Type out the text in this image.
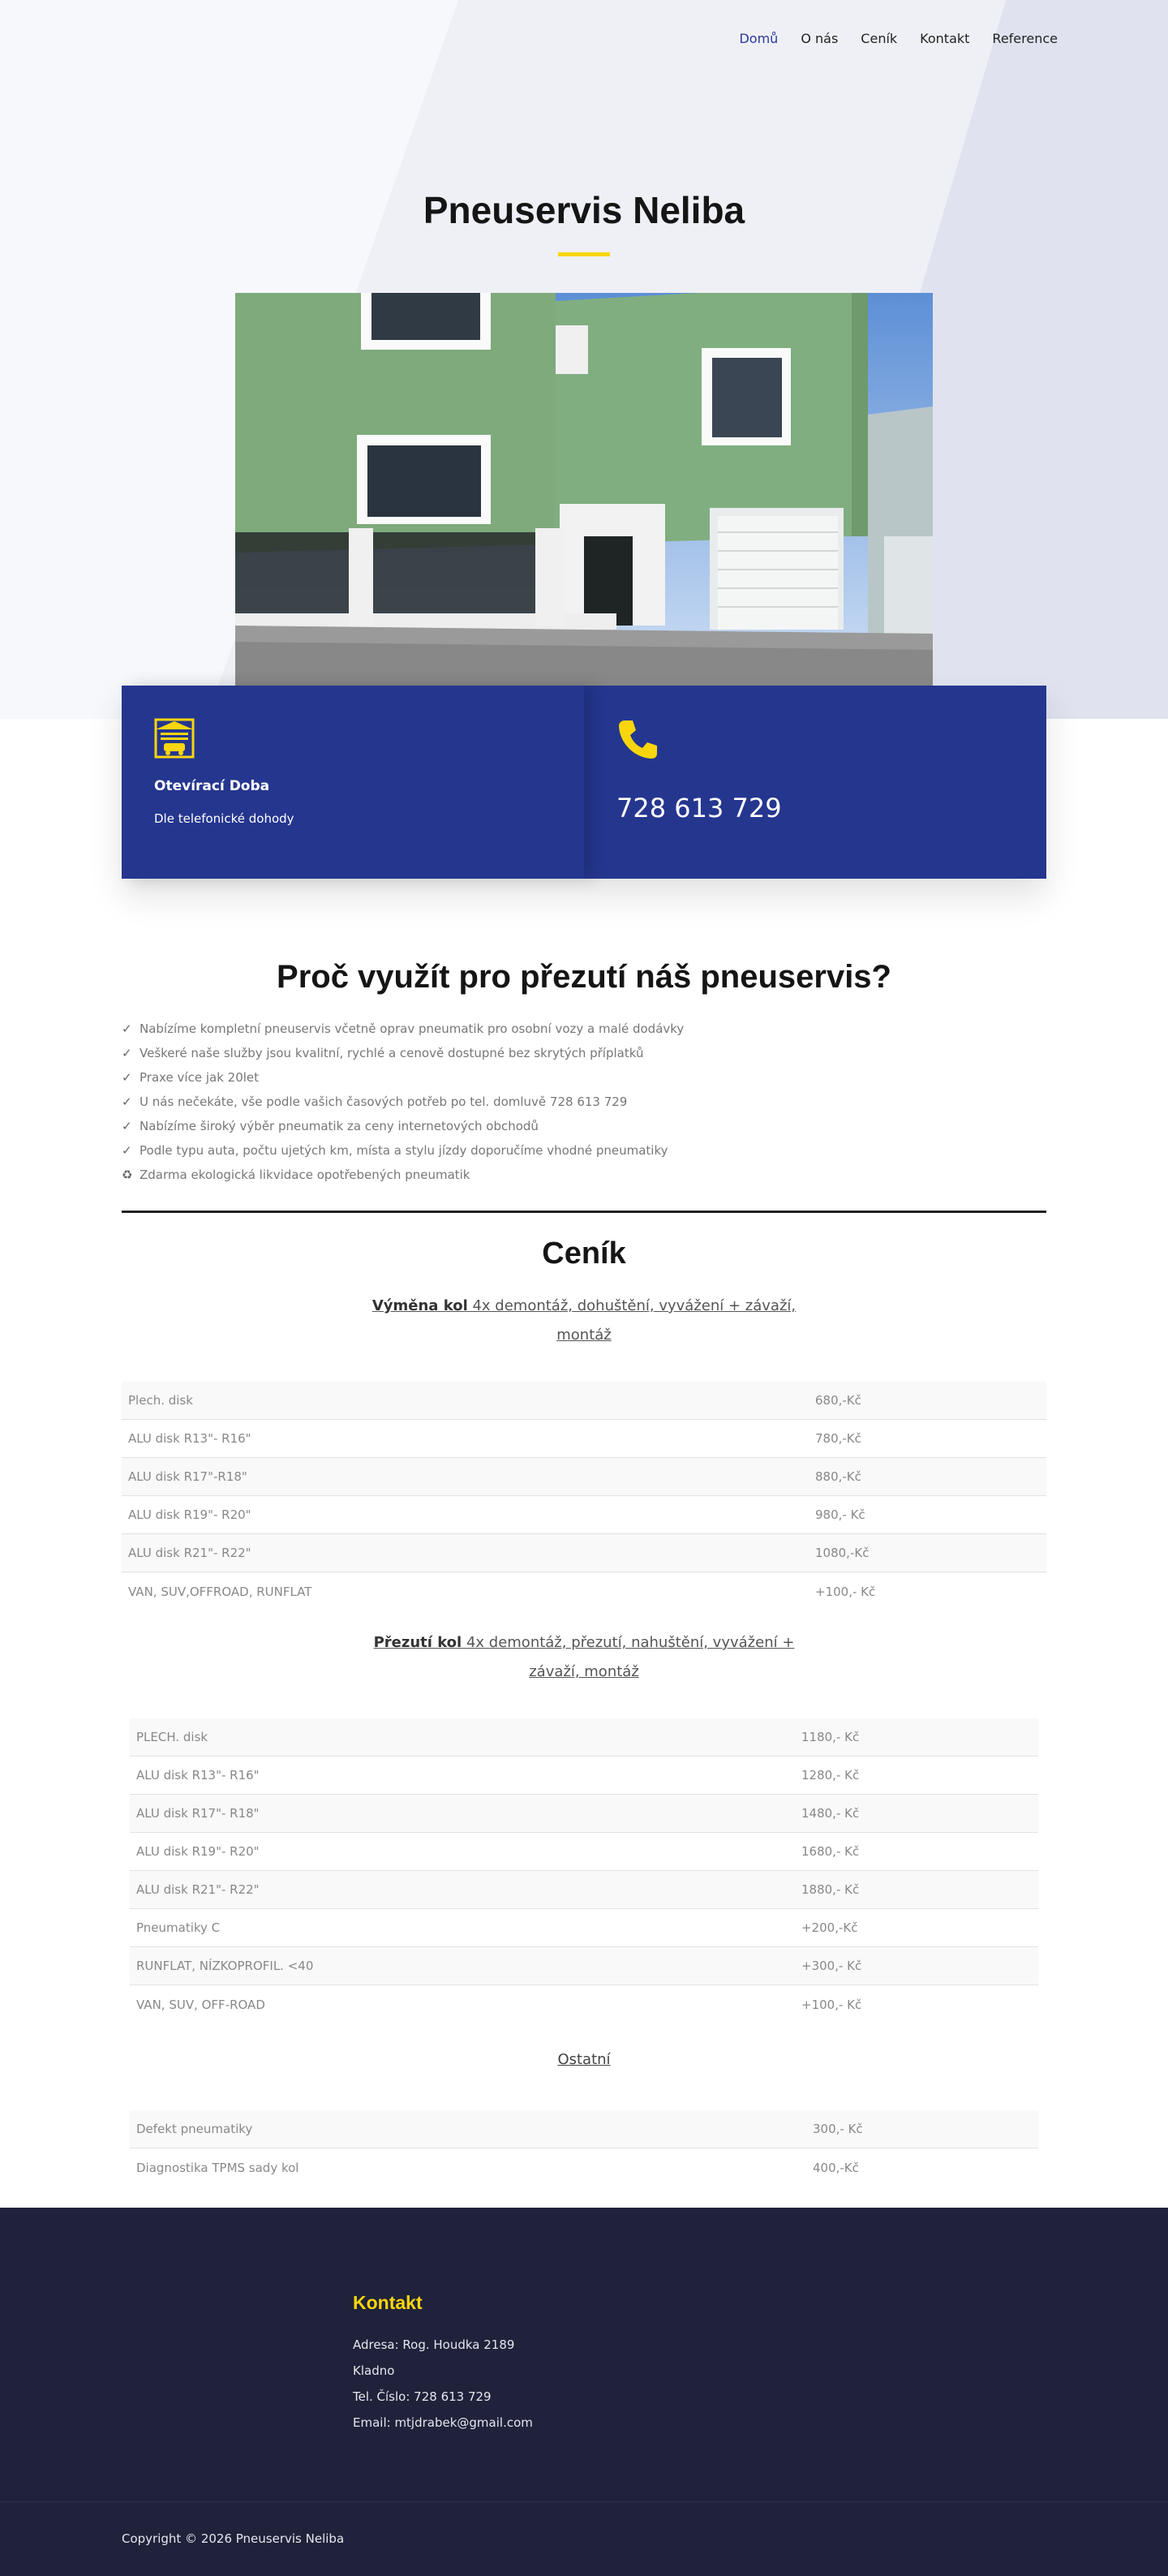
Domů O nás Ceník Kontakt Reference
Pneuservis Neliba
Otevírací Doba
Dle telefonické dohody	728 613 729
Proč využít pro přezutí náš pneuservis?
✓ Nabízíme kompletní pneuservis včetně oprav pneumatik pro osobní vozy a malé dodávky
✓ Veškeré naše služby jsou kvalitní, rychlé a cenově dostupné bez skrytých příplatků
✓ Praxe více jak 20let
✓ U nás nečekáte, vše podle vašich časových potřeb po tel. domluvě 728 613 729
✓ Nabízíme široký výběr pneumatik za ceny internetových obchodů
✓ Podle typu auta, počtu ujetých km, místa a stylu jízdy doporučíme vhodné pneumatiky
♻ Zdarma ekologická likvidace opotřebených pneumatik
Ceník
Výměna kol 4x demontáž, dohuštění, vyvážení + závaží, montáž
Plech. disk	680,-Kč
ALU disk R13"- R16"	780,-Kč
ALU disk R17"-R18"	880,-Kč
ALU disk R19"- R20"	980,- Kč
ALU disk R21"- R22"	1080,-Kč
VAN, SUV,OFFROAD, RUNFLAT	+100,- Kč
Přezutí kol 4x demontáž, přezutí, nahuštění, vyvážení + závaží, montáž
PLECH. disk	1180,- Kč
ALU disk R13"- R16"	1280,- Kč
ALU disk R17"- R18"	1480,- Kč
ALU disk R19"- R20"	1680,- Kč
ALU disk R21"- R22"	1880,- Kč
Pneumatiky C	+200,-Kč
RUNFLAT, NÍZKOPROFIL. <40	+300,- Kč
VAN, SUV, OFF-ROAD	+100,- Kč
Ostatní
Defekt pneumatiky	300,- Kč
Diagnostika TPMS sady kol	400,-Kč
Kontakt
Adresa: Rog. Houdka 2189
Kladno
Tel. Číslo: 728 613 729
Email: mtjdrabek@gmail.com
Copyright © 2026 Pneuservis Neliba
